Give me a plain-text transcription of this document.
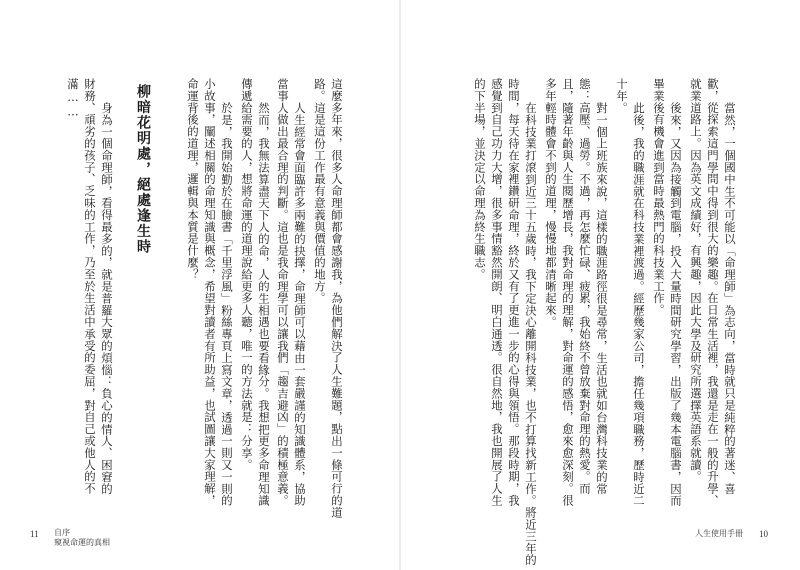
這麼多年來，很多人命理師都會感謝我，為他們解決了人生難題，點出一條可行的道
路。這是這份工作最有意義與價值的地方。
人生經常會面臨許多兩難的抉擇，命理師可以藉由一套嚴謹的知識體系，協助
當事人做出最合理的判斷。這也是我命理學可以讓我們「趨吉避凶」的積極意義。
然而，我無法算盡天下人的命，人的生相遇也要看緣分。我想把更多命理知識
傳遞給需要的人，想將命運的道理說給更多人聽，唯一的方法就是：分享。
於是，我開始勤於在臉書「千里浮風」粉絲專頁上寫文章，透過一則又一則的
小故事，闡述相關的命理知識與概念，希望對讀者有所助益，也試圖讓大家理解，
命運背後的道理，邏輯與本質是什麼？
柳暗花明處，絕處逢生時
身為一個命理師，看得最多的，就是普羅大眾的煩惱：負心的情人、困窘的
財務、頑劣的孩子、乏味的工作，乃至於生活中承受的委屈，對自己或他人的不
滿……
11 自序
窺視命運的真相
當然，一個國中生不可能以「命理師」為志向，當時就只是純粹的著迷、喜
歡，從探索這門學問中得到很大的樂趣。在日常生活裡，我還是走在一般的升學、
就業道路上。因為英文成績好，有興趣，因此大學及研究所選擇英語系就讀。
後來，又因為接觸到電腦，投入大量時間研究學習，出版了幾本電腦書，因而
畢業後有機會進到當時最熱門的科技業工作。
此後，我的職涯就在科技業裡渡過。經歷幾家公司，擔任幾項職務，歷時近二
十年。
對一個上班族來說，這樣的職涯路徑很是尋常，生活也就如台灣科技業的常
態：高壓、過勞。不過，再怎麼忙碌、疲累，我始終不曾放棄對命理的熱愛。而
且，隨著年齡與人生閱歷增長，我對命理的理解，對命運的感悟，愈來愈深刻。很
多年輕時體會不到的道理，慢慢地都清晰起來。
在科技業打滾到近三十五歲時，我下定決心離開科技業，也不打算找新工作。將近三年的
時間，每天待在家裡鑽研命理，終於又有了更進一步的心得與領悟。那段時期，我
感覺到自己功力大增，很多事情豁然開朗、明白通透。很自然地，我也開展了人生
的下半場，並決定以命理為終生職志。
人生使用手冊 10
